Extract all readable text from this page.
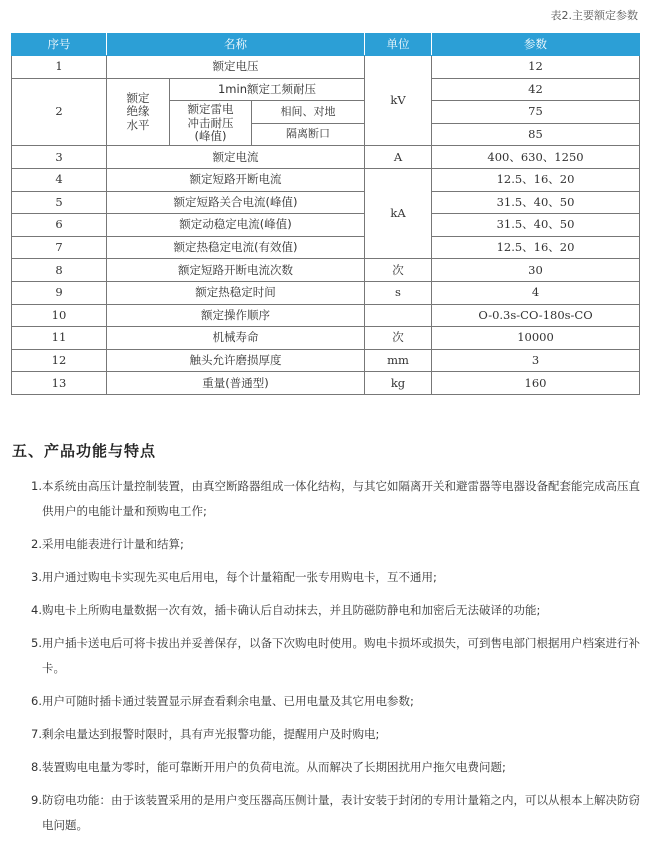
表2.主要额定参数
序号	名称			单位	参数
1	额定电压			kV	12
2	额定
绝缘
水平	1min额定工频耐压			42
		额定雷电
冲击耐压
(峰值)	相间、对地		75
			隔离断口		85
3	额定电流			A	400、630、1250
4	额定短路开断电流			kA	12.5、16、20
5	额定短路关合电流(峰值)				31.5、40、50
6	额定动稳定电流(峰值)				31.5、40、50
7	额定热稳定电流(有效值)				12.5、16、20
8	额定短路开断电流次数			次	30
9	额定热稳定时间			s	4
10	额定操作顺序				O-0.3s-CO-180s-CO
11	机械寿命			次	10000
12	触头允许磨损厚度			mm	3
13	重量(普通型)			kg	160
五、产品功能与特点
1.本系统由高压计量控制装置，由真空断路器组成一体化结构，与其它如隔离开关和避雷器等电器设备配套能完成高压直供用户的电能计量和预购电工作;
2.采用电能表进行计量和结算;
3.用户通过购电卡实现先买电后用电，每个计量箱配一张专用购电卡，互不通用;
4.购电卡上所购电量数据一次有效，插卡确认后自动抹去，并且防磁防静电和加密后无法破译的功能;
5.用户插卡送电后可将卡拔出并妥善保存，以备下次购电时使用。购电卡损坏或损失，可到售电部门根据用户档案进行补卡。
6.用户可随时插卡通过装置显示屏查看剩余电量、已用电量及其它用电参数;
7.剩余电量达到报警时限时，具有声光报警功能，提醒用户及时购电;
8.装置购电电量为零时，能可靠断开用户的负荷电流。从而解决了长期困扰用户拖欠电费问题;
9.防窃电功能：由于该装置采用的是用户变压器高压侧计量，表计安装于封闭的专用计量箱之内，可以从根本上解决防窃电问题。
